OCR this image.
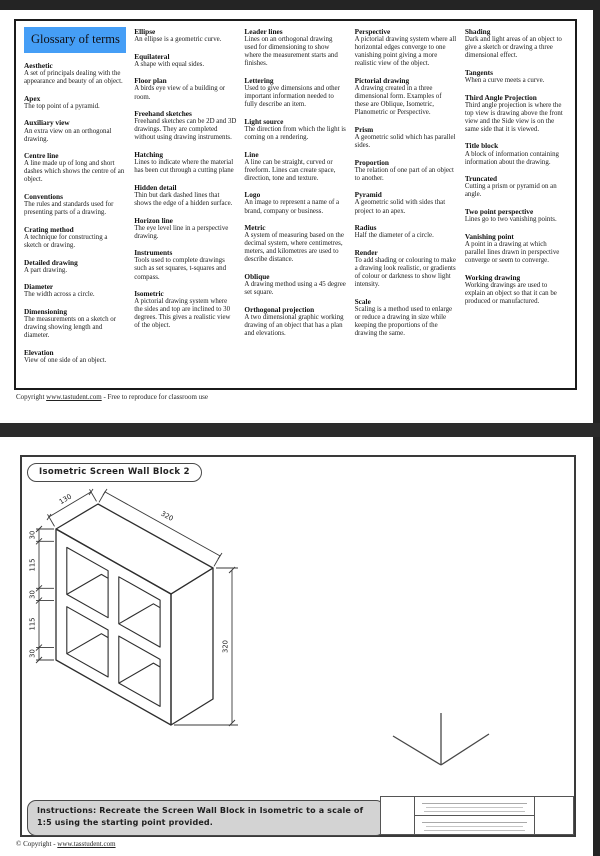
Glossary of terms
Aesthetic
A set of principals dealing with the appearance and beauty of an object.
Apex
The top point of a pyramid.
Auxiliary view
An extra view on an orthogonal drawing.
Centre line
A line made up of long and short dashes which shows the centre of an object.
Conventions
The rules and standards used for presenting parts of a drawing.
Crating method
A technique for constructing a sketch or drawing.
Detailed drawing
A part drawing.
Diameter
The width across a circle.
Dimensioning
The measurements on a sketch or drawing showing length and diameter.
Elevation
View of one side of an object.
Ellipse
An ellipse is a geometric curve.
Equilateral
A shape with equal sides.
Floor plan
A birds eye view of a building or room.
Freehand sketches
Freehand sketches can be 2D and 3D drawings. They are completed without using drawing instruments.
Hatching
Lines to indicate where the material has been cut through a cutting plane
Hidden detail
Thin but dark dashed lines that shows the edge of a hidden surface.
Horizon line
The eye level line in a perspective drawing.
Instruments
Tools used to complete drawings such as set squares, t-squares and compass.
Isometric
A pictorial drawing system where the sides and top are inclined to 30 degrees. This gives a realistic view of the object.
Leader lines
Lines on an orthogonal drawing used for dimensioning to show where the measurement starts and finishes.
Lettering
Used to give dimensions and other important information needed to fully describe an item.
Light source
The direction from which the light is coming on a rendering.
Line
A line can be straight, curved or freeform. Lines can create space, direction, tone and texture.
Logo
An image to represent a name of a brand, company or business.
Metric
A system of measuring based on the decimal system, where centimetres, meters, and kilometres are used to describe distance.
Oblique
A drawing method using a 45 degree set square.
Orthogonal projection
A two dimensional graphic working drawing of an object that has a plan and elevations.
Perspective
A pictorial drawing system where all horizontal edges converge to one vanishing point giving a more realistic view of the object.
Pictorial drawing
A drawing created in a three dimensional form. Examples of these are Oblique, Isometric, Planometric or Perspective.
Prism
A geometric solid which has parallel sides.
Proportion
The relation of one part of an object to another.
Pyramid
A geometric solid with sides that project to an apex.
Radius
Half the diameter of a circle.
Render
To add shading or colouring to make a drawing look realistic, or gradients of colour or darkness to show light intensity.
Scale
Scaling is a method used to enlarge or reduce a drawing in size while keeping the proportions of the drawing the same.
Shading
Dark and light areas of an object to give a sketch or drawing a three dimensional effect.
Tangents
When a curve meets a curve.
Third Angle Projection
Third angle projection is where the top view is drawing above the front view and the Side view is on the same side that it is viewed.
Title block
A block of information containing information about the drawing.
Truncated
Cutting a prism or pyramid on an angle.
Two point perspective
Lines go to two vanishing points.
Vanishing point
A point in a drawing at which parallel lines drawn in perspective converge or seem to converge.
Working drawing
Working drawings are used to explain an object so that it can be produced or manufactured.
Copyright www.tastudent.com - Free to reproduce for classroom use
Isometric Screen Wall Block 2
30
115
30
115
30
130
320
320
Instructions: Recreate the Screen Wall Block in Isometric to a scale of 1:5 using the starting point provided.
© Copyright - www.tasstudent.com
